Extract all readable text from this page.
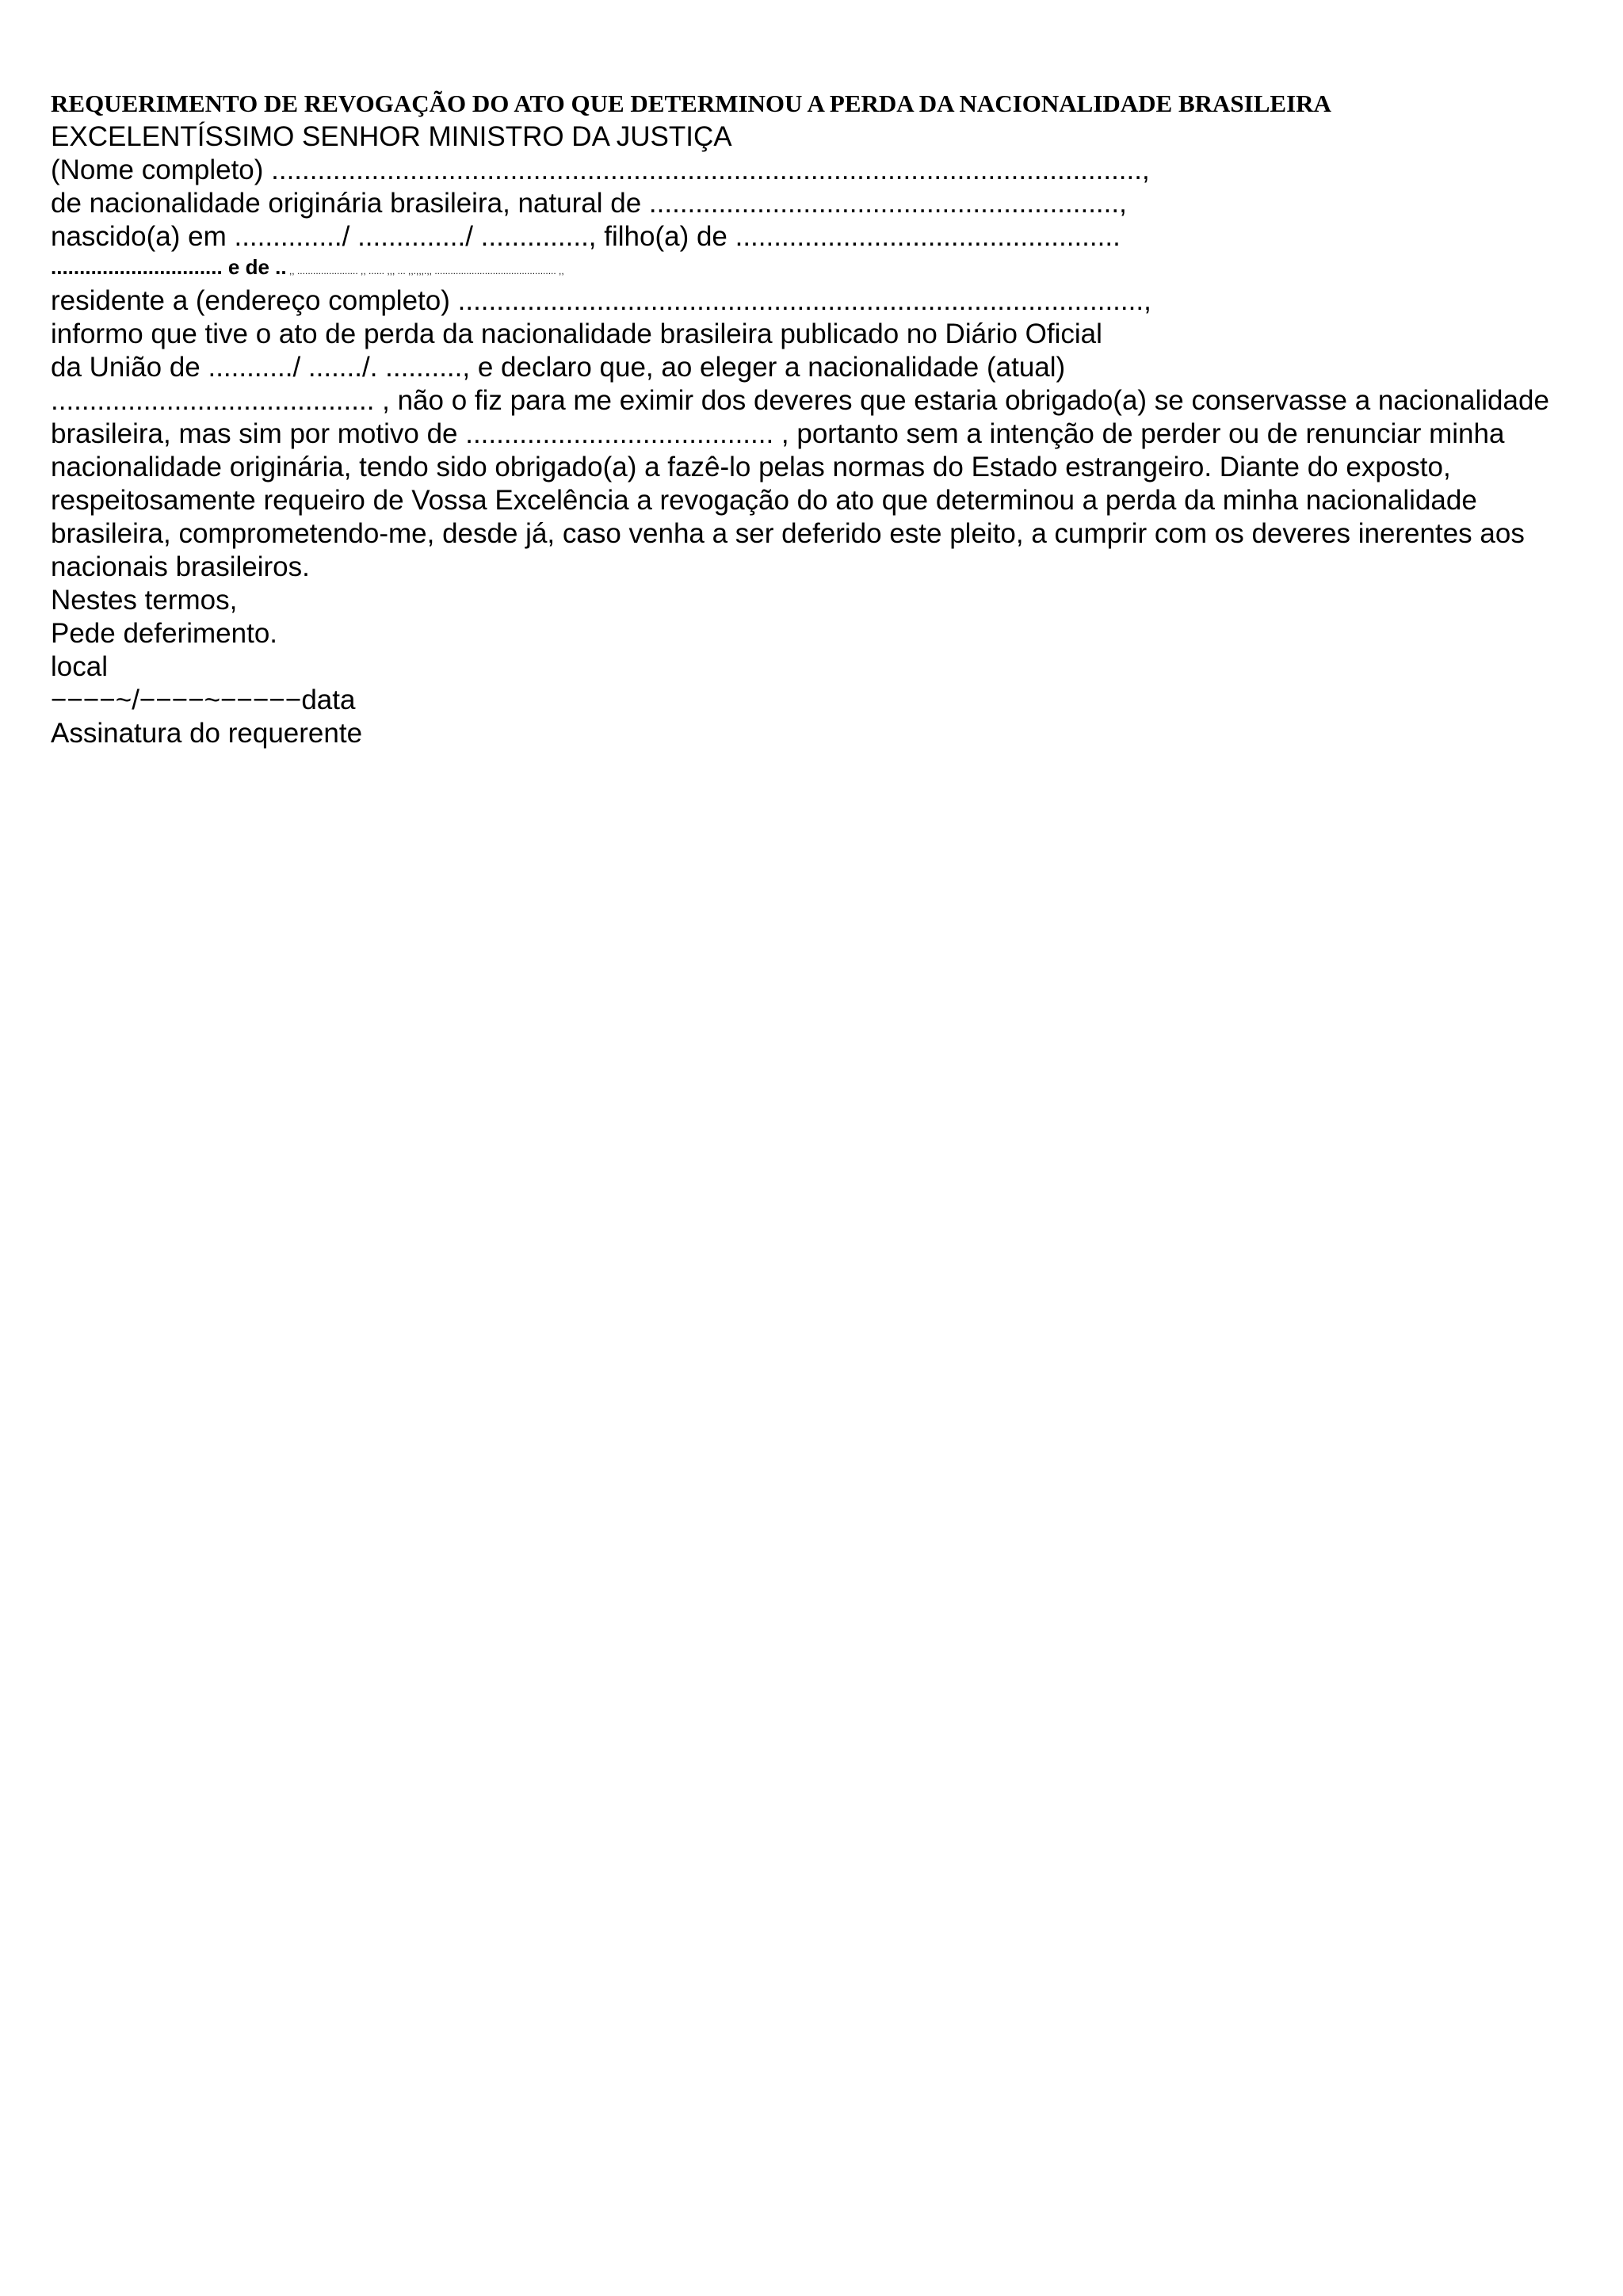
REQUERIMENTO DE REVOGAÇÃO DO ATO QUE DETERMINOU A PERDA DA NACIONALIDADE BRASILEIRA
EXCELENTÍSSIMO SENHOR MINISTRO DA JUSTIÇA
(Nome completo) .................................................................................................................,
de nacionalidade originária brasileira, natural de .............................................................,
nascido(a) em ............../ ............../ .............., filho(a) de ..................................................
.............................. e de .. ,, ....................... ,, ...... ,,, ... ,,.,,,.,, .............................................. ,,
residente a (endereço completo) .........................................................................................,
informo que tive o ato de perda da nacionalidade brasileira publicado no Diário Oficial
da União de .........../ ......./. .........., e declaro que, ao eleger a nacionalidade (atual)
.......................................... , não o fiz para me eximir dos deveres que estaria obrigado(a) se conservasse a nacionalidade brasileira, mas sim por motivo de ........................................ , portanto sem a intenção de perder ou de renunciar minha nacionalidade originária, tendo sido obrigado(a) a fazê-lo pelas normas do Estado estrangeiro. Diante do exposto, respeitosamente requeiro de Vossa Excelência a revogação do ato que determinou a perda da minha nacionalidade brasileira, comprometendo-me, desde já, caso venha a ser deferido este pleito, a cumprir com os deveres inerentes aos nacionais brasileiros.
Nestes termos,
Pede deferimento.
local
−−−−~/−−−−~−−−−−data
Assinatura do requerente
